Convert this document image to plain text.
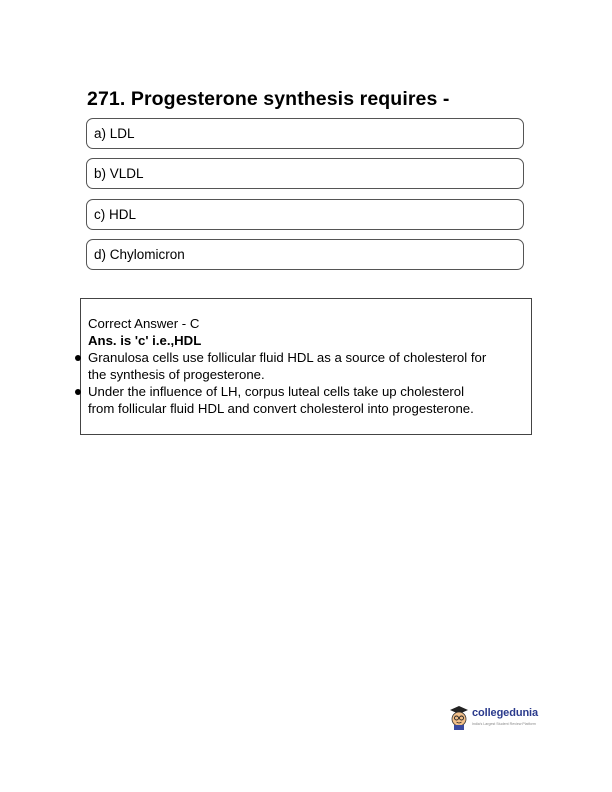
271. Progesterone synthesis requires -
a) LDL
b) VLDL
c) HDL
d) Chylomicron
Correct Answer - C
Ans. is 'c' i.e.,HDL
Granulosa cells use follicular fluid HDL as a source of cholesterol for
the synthesis of progesterone.
Under the influence of LH, corpus luteal cells take up cholesterol
from follicular fluid HDL and convert cholesterol into progesterone.
collegedunia
India's Largest Student Review Platform
